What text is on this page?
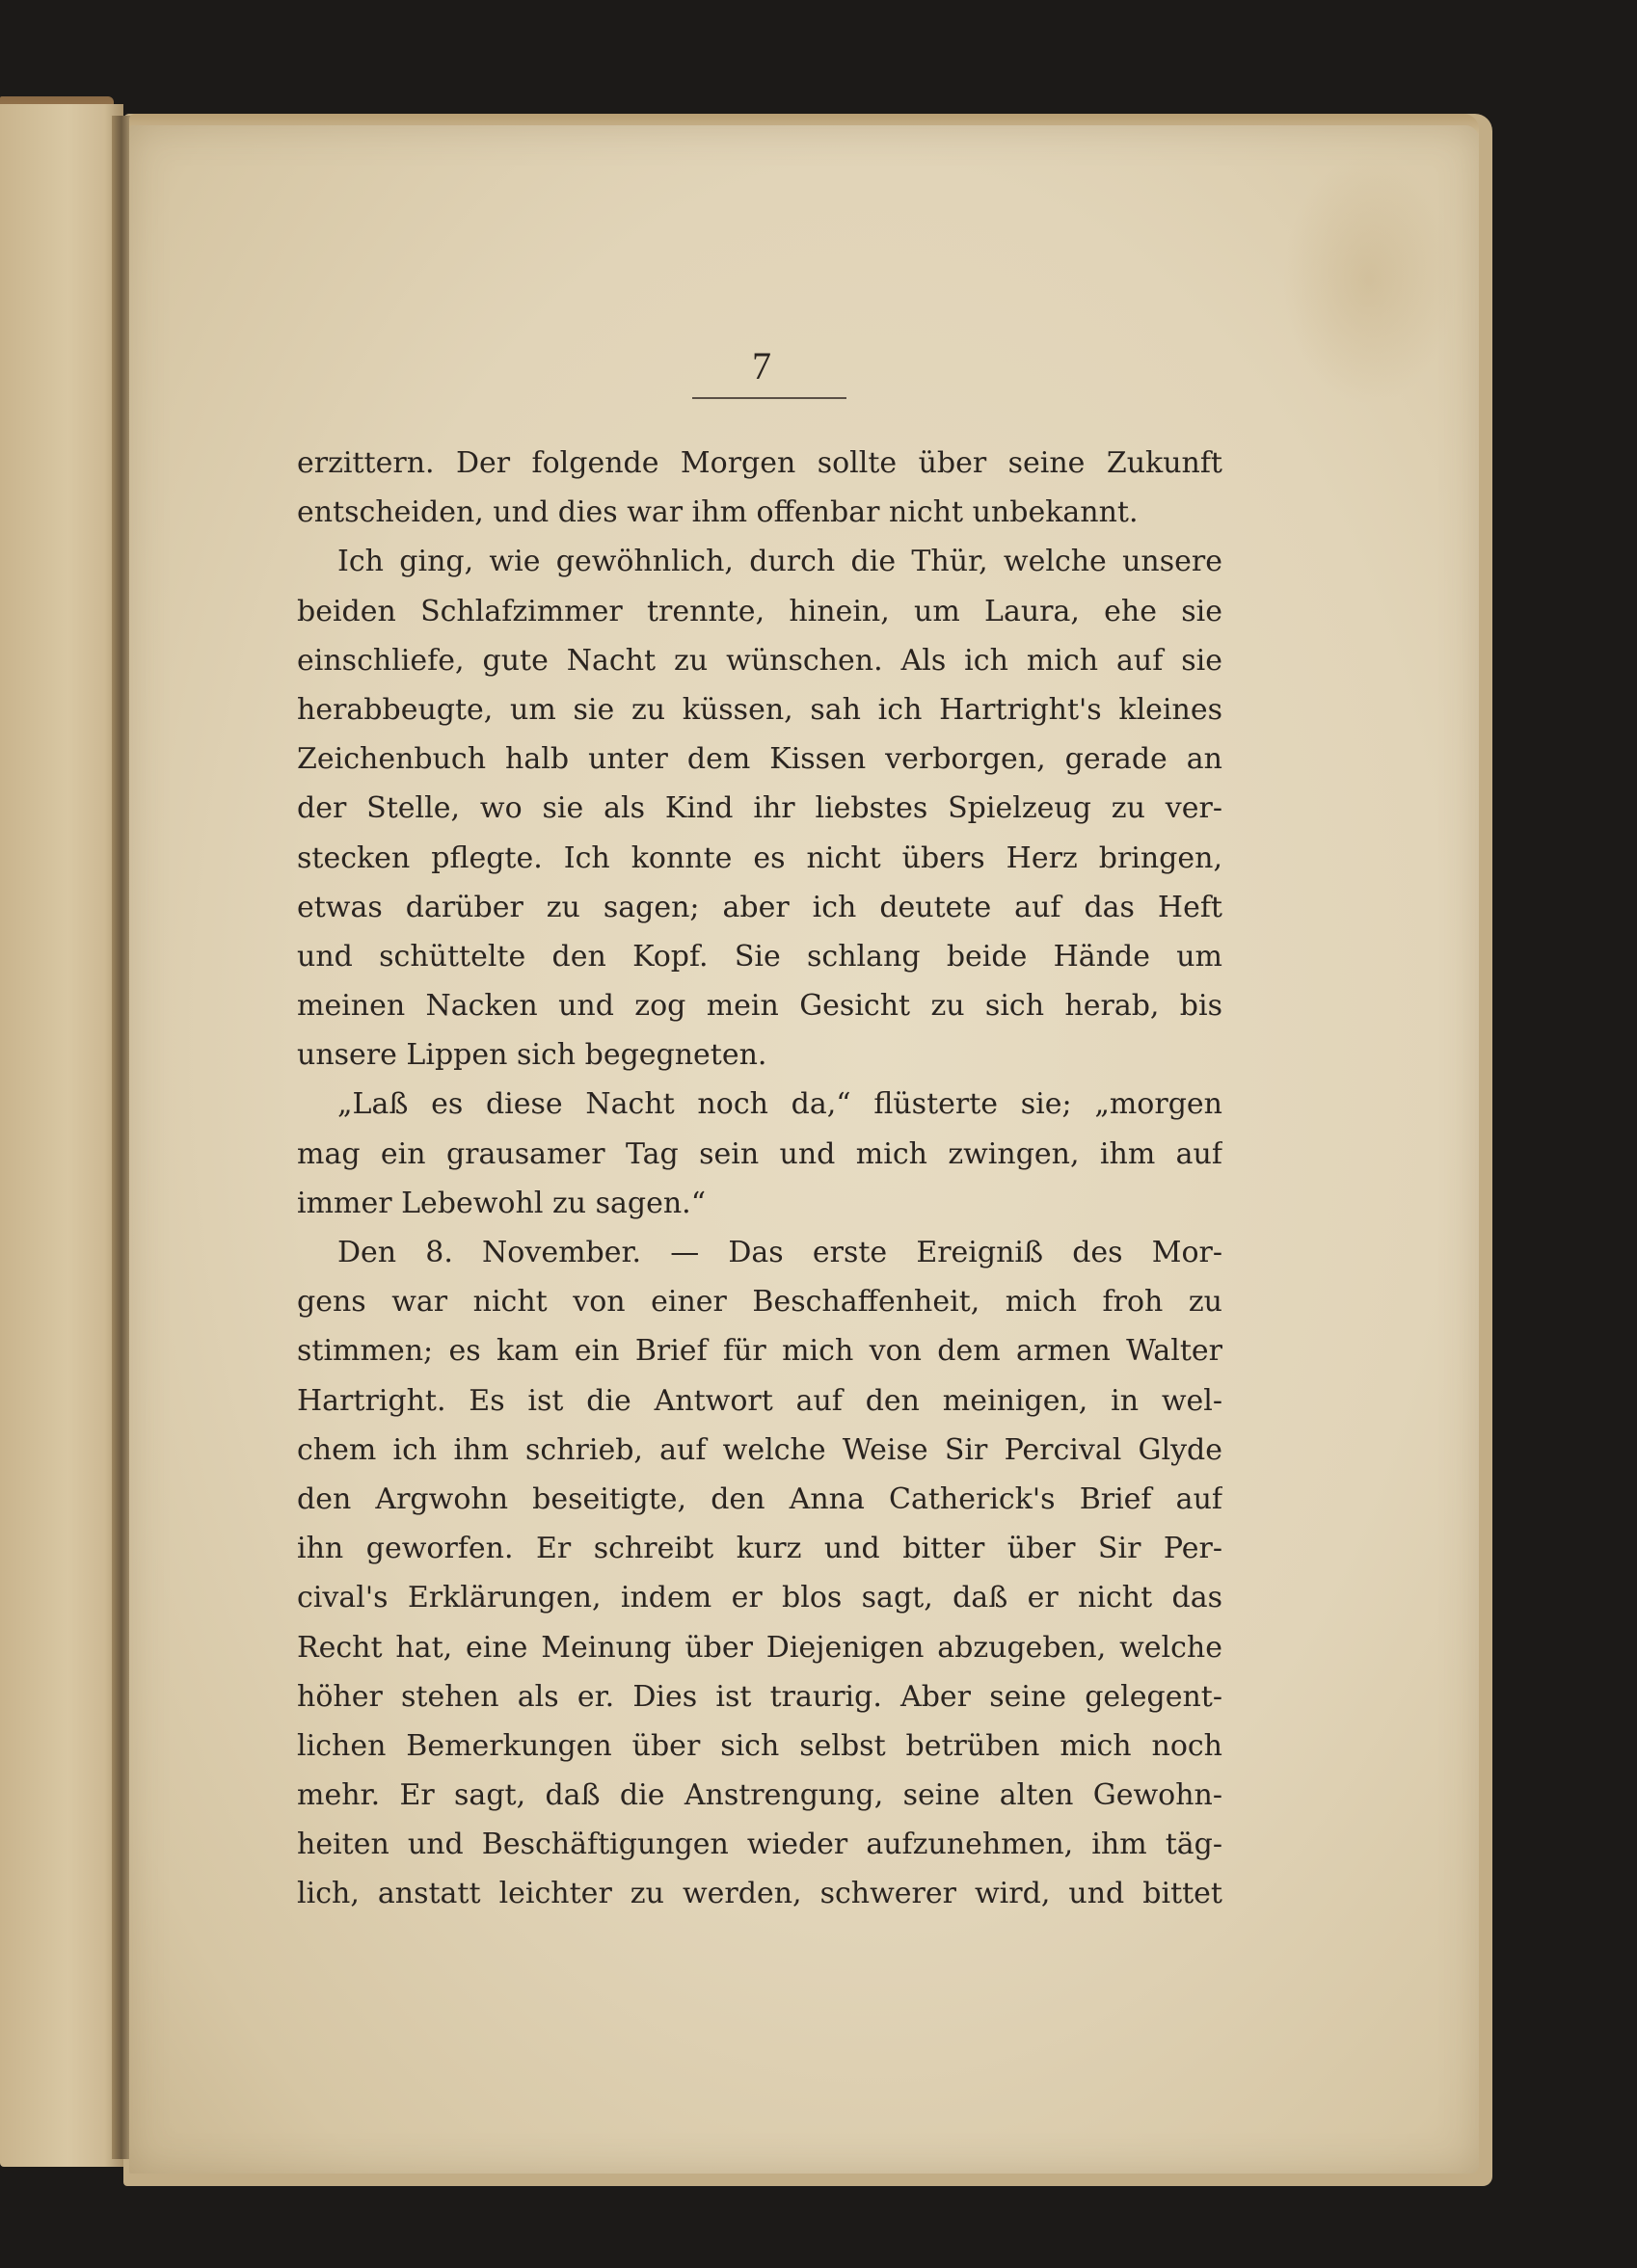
7
erzittern. Der folgende Morgen sollte über seine Zukunft
entscheiden, und dies war ihm offenbar nicht unbekannt.
Ich ging, wie gewöhnlich, durch die Thür, welche unsere
beiden Schlafzimmer trennte, hinein, um Laura, ehe sie
einschliefe, gute Nacht zu wünschen. Als ich mich auf sie
herabbeugte, um sie zu küssen, sah ich Hartright's kleines
Zeichenbuch halb unter dem Kissen verborgen, gerade an
der Stelle, wo sie als Kind ihr liebstes Spielzeug zu ver-
stecken pflegte. Ich konnte es nicht übers Herz bringen,
etwas darüber zu sagen; aber ich deutete auf das Heft
und schüttelte den Kopf. Sie schlang beide Hände um
meinen Nacken und zog mein Gesicht zu sich herab, bis
unsere Lippen sich begegneten.
„Laß es diese Nacht noch da,“ flüsterte sie; „morgen
mag ein grausamer Tag sein und mich zwingen, ihm auf
immer Lebewohl zu sagen.“
Den 8. November. — Das erste Ereigniß des Mor-
gens war nicht von einer Beschaffenheit, mich froh zu
stimmen; es kam ein Brief für mich von dem armen Walter
Hartright. Es ist die Antwort auf den meinigen, in wel-
chem ich ihm schrieb, auf welche Weise Sir Percival Glyde
den Argwohn beseitigte, den Anna Catherick's Brief auf
ihn geworfen. Er schreibt kurz und bitter über Sir Per-
cival's Erklärungen, indem er blos sagt, daß er nicht das
Recht hat, eine Meinung über Diejenigen abzugeben, welche
höher stehen als er. Dies ist traurig. Aber seine gelegent-
lichen Bemerkungen über sich selbst betrüben mich noch
mehr. Er sagt, daß die Anstrengung, seine alten Gewohn-
heiten und Beschäftigungen wieder aufzunehmen, ihm täg-
lich, anstatt leichter zu werden, schwerer wird, und bittet
